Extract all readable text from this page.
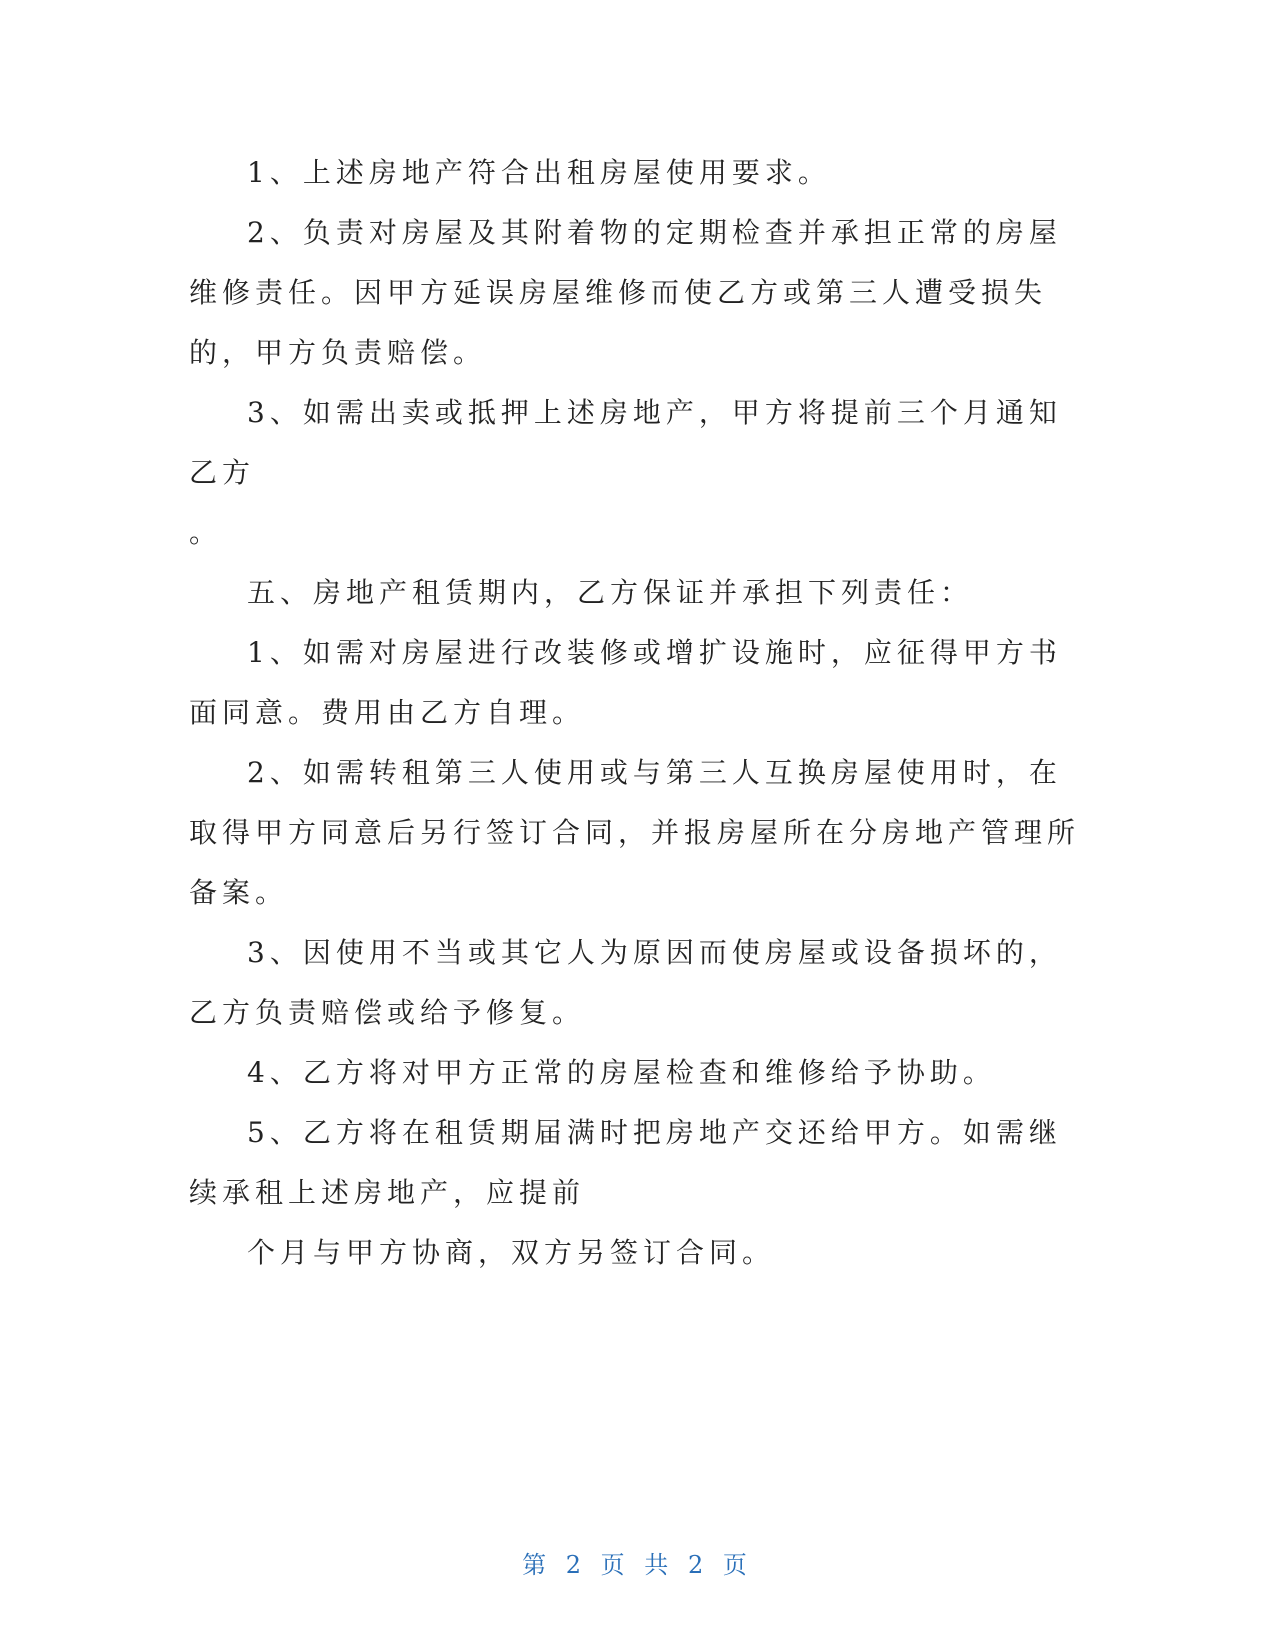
1、上述房地产符合出租房屋使用要求。

2、负责对房屋及其附着物的定期检查并承担正常的房屋维修责任。因甲方延误房屋维修而使乙方或第三人遭受损失的，甲方负责赔偿。

3、如需出卖或抵押上述房地产，甲方将提前三个月通知乙方

。

五、房地产租赁期内，乙方保证并承担下列责任：

1、如需对房屋进行改装修或增扩设施时，应征得甲方书面同意。费用由乙方自理。

2、如需转租第三人使用或与第三人互换房屋使用时，在取得甲方同意后另行签订合同，并报房屋所在分房地产管理所备案。

3、因使用不当或其它人为原因而使房屋或设备损坏的，乙方负责赔偿或给予修复。

4、乙方将对甲方正常的房屋检查和维修给予协助。

5、乙方将在租赁期届满时把房地产交还给甲方。如需继续承租上述房地产，应提前

个月与甲方协商，双方另签订合同。

第 2 页 共 2 页
